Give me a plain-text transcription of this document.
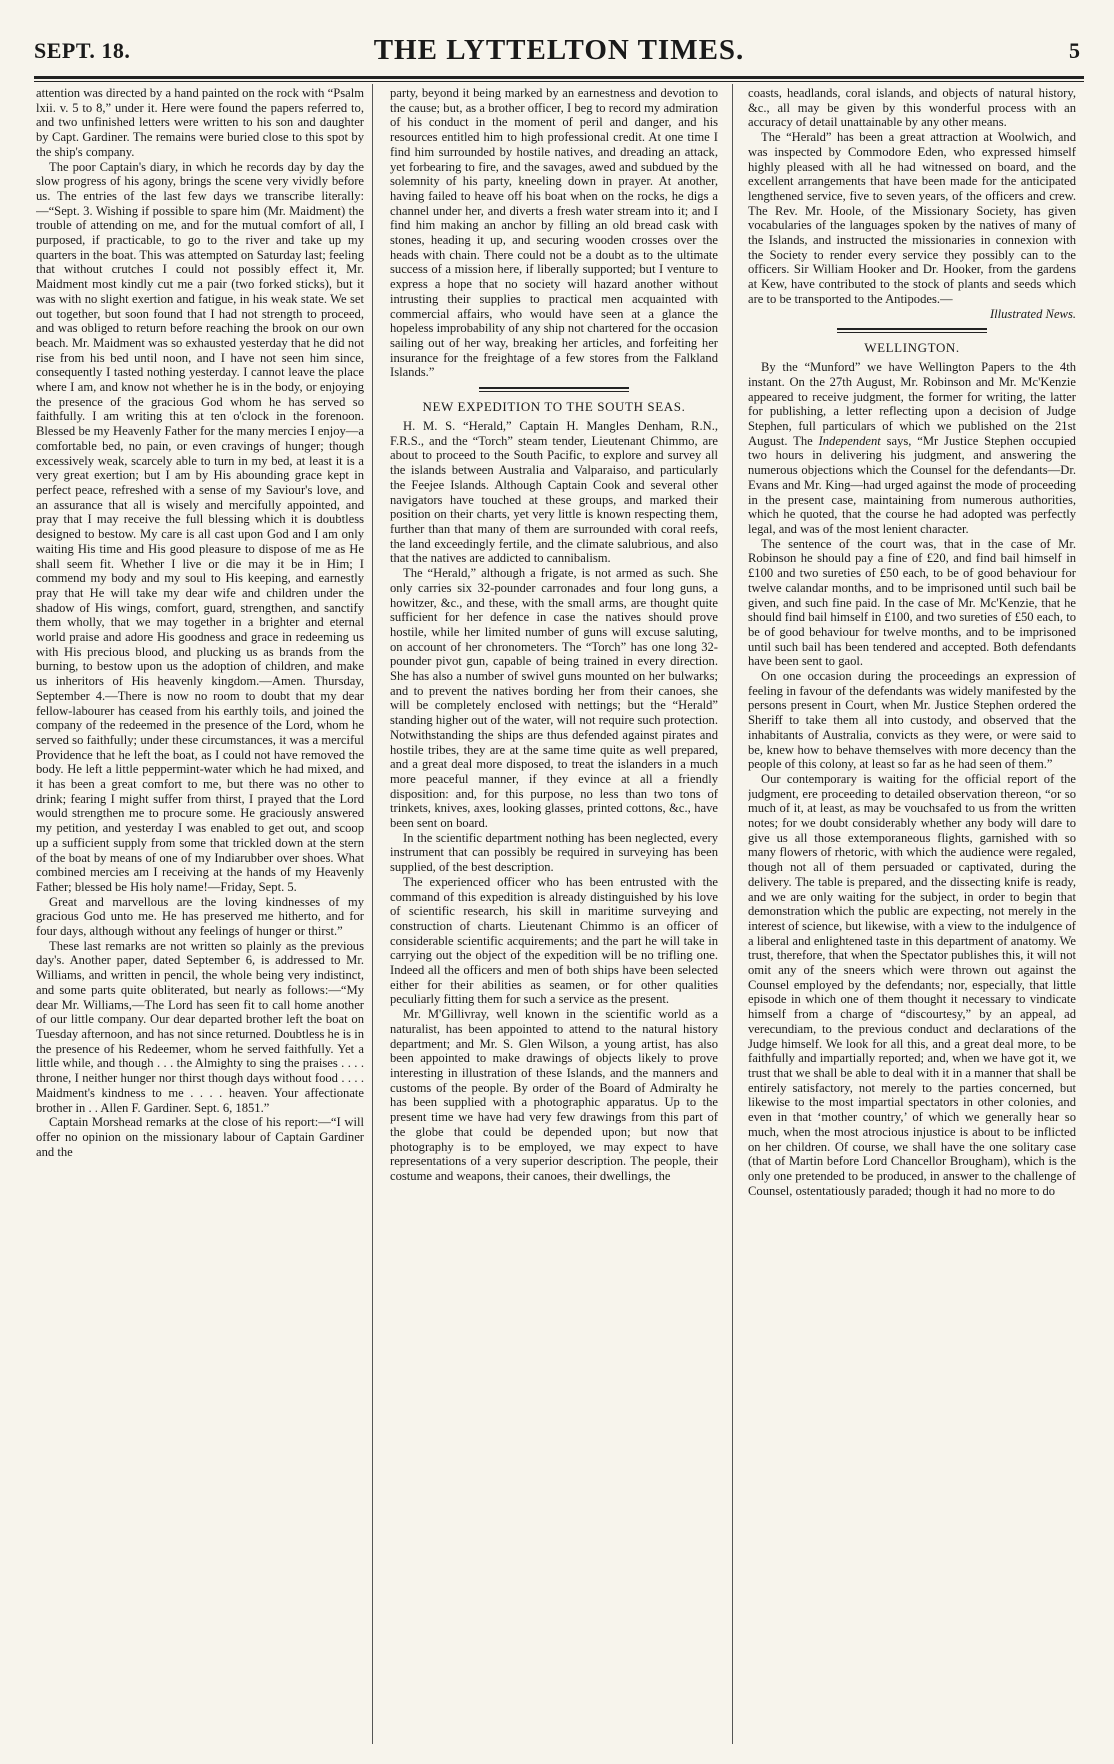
SEPT. 18.	THE LYTTELTON TIMES.	5

attention was directed by a hand painted on the rock with “Psalm lxii. v. 5 to 8,” under it. Here were found the papers referred to, and two unfinished letters were written to his son and daughter by Capt. Gardiner. The remains were buried close to this spot by the ship's company.

The poor Captain's diary, in which he records day by day the slow progress of his agony, brings the scene very vividly before us. The entries of the last few days we transcribe literally:—“Sept. 3. Wishing if possible to spare him (Mr. Maidment) the trouble of attending on me, and for the mutual comfort of all, I purposed, if practicable, to go to the river and take up my quarters in the boat. This was attempted on Saturday last; feeling that without crutches I could not possibly effect it, Mr. Maidment most kindly cut me a pair (two forked sticks), but it was with no slight exertion and fatigue, in his weak state. We set out together, but soon found that I had not strength to proceed, and was obliged to return before reaching the brook on our own beach. Mr. Maidment was so exhausted yesterday that he did not rise from his bed until noon, and I have not seen him since, consequently I tasted nothing yesterday. I cannot leave the place where I am, and know not whether he is in the body, or enjoying the presence of the gracious God whom he has served so faithfully. I am writing this at ten o'clock in the forenoon. Blessed be my Heavenly Father for the many mercies I enjoy—a comfortable bed, no pain, or even cravings of hunger; though excessively weak, scarcely able to turn in my bed, at least it is a very great exertion; but I am by His abounding grace kept in perfect peace, refreshed with a sense of my Saviour's love, and an assurance that all is wisely and mercifully appointed, and pray that I may receive the full blessing which it is doubtless designed to bestow. My care is all cast upon God and I am only waiting His time and His good pleasure to dispose of me as He shall seem fit. Whether I live or die may it be in Him; I commend my body and my soul to His keeping, and earnestly pray that He will take my dear wife and children under the shadow of His wings, comfort, guard, strengthen, and sanctify them wholly, that we may together in a brighter and eternal world praise and adore His goodness and grace in redeeming us with His precious blood, and plucking us as brands from the burning, to bestow upon us the adoption of children, and make us inheritors of His heavenly kingdom.—Amen. Thursday, September 4.—There is now no room to doubt that my dear fellow-labourer has ceased from his earthly toils, and joined the company of the redeemed in the presence of the Lord, whom he served so faithfully; under these circumstances, it was a merciful Providence that he left the boat, as I could not have removed the body. He left a little peppermint-water which he had mixed, and it has been a great comfort to me, but there was no other to drink; fearing I might suffer from thirst, I prayed that the Lord would strengthen me to procure some. He graciously answered my petition, and yesterday I was enabled to get out, and scoop up a sufficient supply from some that trickled down at the stern of the boat by means of one of my Indiarubber over shoes. What combined mercies am I receiving at the hands of my Heavenly Father; blessed be His holy name!—Friday, Sept. 5.

Great and marvellous are the loving kindnesses of my gracious God unto me. He has preserved me hitherto, and for four days, although without any feelings of hunger or thirst.”

These last remarks are not written so plainly as the previous day's. Another paper, dated September 6, is addressed to Mr. Williams, and written in pencil, the whole being very indistinct, and some parts quite obliterated, but nearly as follows:—“My dear Mr. Williams,—The Lord has seen fit to call home another of our little company. Our dear departed brother left the boat on Tuesday afternoon, and has not since returned. Doubtless he is in the presence of his Redeemer, whom he served faithfully. Yet a little while, and though . . . the Almighty to sing the praises . . . . throne, I neither hunger nor thirst though days without food . . . . Maidment's kindness to me . . . . heaven. Your affectionate brother in . . Allen F. Gardiner. Sept. 6, 1851.”

Captain Morshead remarks at the close of his report:—“I will offer no opinion on the missionary labour of Captain Gardiner and the

party, beyond it being marked by an earnestness and devotion to the cause; but, as a brother officer, I beg to record my admiration of his conduct in the moment of peril and danger, and his resources entitled him to high professional credit. At one time I find him surrounded by hostile natives, and dreading an attack, yet forbearing to fire, and the savages, awed and subdued by the solemnity of his party, kneeling down in prayer. At another, having failed to heave off his boat when on the rocks, he digs a channel under her, and diverts a fresh water stream into it; and I find him making an anchor by filling an old bread cask with stones, heading it up, and securing wooden crosses over the heads with chain. There could not be a doubt as to the ultimate success of a mission here, if liberally supported; but I venture to express a hope that no society will hazard another without intrusting their supplies to practical men acquainted with commercial affairs, who would have seen at a glance the hopeless improbability of any ship not chartered for the occasion sailing out of her way, breaking her articles, and forfeiting her insurance for the freightage of a few stores from the Falkland Islands.”

NEW EXPEDITION TO THE SOUTH SEAS.

H. M. S. “Herald,” Captain H. Mangles Denham, R.N., F.R.S., and the “Torch” steam tender, Lieutenant Chimmo, are about to proceed to the South Pacific, to explore and survey all the islands between Australia and Valparaiso, and particularly the Feejee Islands. Although Captain Cook and several other navigators have touched at these groups, and marked their position on their charts, yet very little is known respecting them, further than that many of them are surrounded with coral reefs, the land exceedingly fertile, and the climate salubrious, and also that the natives are addicted to cannibalism.

The “Herald,” although a frigate, is not armed as such. She only carries six 32-pounder carronades and four long guns, a howitzer, &c., and these, with the small arms, are thought quite sufficient for her defence in case the natives should prove hostile, while her limited number of guns will excuse saluting, on account of her chronometers. The “Torch” has one long 32-pounder pivot gun, capable of being trained in every direction. She has also a number of swivel guns mounted on her bulwarks; and to prevent the natives bording her from their canoes, she will be completely enclosed with nettings; but the “Herald” standing higher out of the water, will not require such protection. Notwithstanding the ships are thus defended against pirates and hostile tribes, they are at the same time quite as well prepared, and a great deal more disposed, to treat the islanders in a much more peaceful manner, if they evince at all a friendly disposition: and, for this purpose, no less than two tons of trinkets, knives, axes, looking glasses, printed cottons, &c., have been sent on board.

In the scientific department nothing has been neglected, every instrument that can possibly be required in surveying has been supplied, of the best description.

The experienced officer who has been entrusted with the command of this expedition is already distinguished by his love of scientific research, his skill in maritime surveying and construction of charts. Lieutenant Chimmo is an officer of considerable scientific acquirements; and the part he will take in carrying out the object of the expedition will be no trifling one. Indeed all the officers and men of both ships have been selected either for their abilities as seamen, or for other qualities peculiarly fitting them for such a service as the present.

Mr. M'Gillivray, well known in the scientific world as a naturalist, has been appointed to attend to the natural history department; and Mr. S. Glen Wilson, a young artist, has also been appointed to make drawings of objects likely to prove interesting in illustration of these Islands, and the manners and customs of the people. By order of the Board of Admiralty he has been supplied with a photographic apparatus. Up to the present time we have had very few drawings from this part of the globe that could be depended upon; but now that photography is to be employed, we may expect to have representations of a very superior description. The people, their costume and weapons, their canoes, their dwellings, the

coasts, headlands, coral islands, and objects of natural history, &c., all may be given by this wonderful process with an accuracy of detail unattainable by any other means.

The “Herald” has been a great attraction at Woolwich, and was inspected by Commodore Eden, who expressed himself highly pleased with all he had witnessed on board, and the excellent arrangements that have been made for the anticipated lengthened service, five to seven years, of the officers and crew. The Rev. Mr. Hoole, of the Missionary Society, has given vocabularies of the languages spoken by the natives of many of the Islands, and instructed the missionaries in connexion with the Society to render every service they possibly can to the officers. Sir William Hooker and Dr. Hooker, from the gardens at Kew, have contributed to the stock of plants and seeds which are to be transported to the Antipodes.—

Illustrated News.
WELLINGTON.

By the “Munford” we have Wellington Papers to the 4th instant. On the 27th August, Mr. Robinson and Mr. Mc'Kenzie appeared to receive judgment, the former for writing, the latter for publishing, a letter reflecting upon a decision of Judge Stephen, full particulars of which we published on the 21st August. The Independent says, “Mr Justice Stephen occupied two hours in delivering his judgment, and answering the numerous objections which the Counsel for the defendants—Dr. Evans and Mr. King—had urged against the mode of proceeding in the present case, maintaining from numerous authorities, which he quoted, that the course he had adopted was perfectly legal, and was of the most lenient character.

The sentence of the court was, that in the case of Mr. Robinson he should pay a fine of £20, and find bail himself in £100 and two sureties of £50 each, to be of good behaviour for twelve calandar months, and to be imprisoned until such bail be given, and such fine paid. In the case of Mr. Mc'Kenzie, that he should find bail himself in £100, and two sureties of £50 each, to be of good behaviour for twelve months, and to be imprisoned until such bail has been tendered and accepted. Both defendants have been sent to gaol.

On one occasion during the proceedings an expression of feeling in favour of the defendants was widely manifested by the persons present in Court, when Mr. Justice Stephen ordered the Sheriff to take them all into custody, and observed that the inhabitants of Australia, convicts as they were, or were said to be, knew how to behave themselves with more decency than the people of this colony, at least so far as he had seen of them.”

Our contemporary is waiting for the official report of the judgment, ere proceeding to detailed observation thereon, “or so much of it, at least, as may be vouchsafed to us from the written notes; for we doubt considerably whether any body will dare to give us all those extemporaneous flights, garnished with so many flowers of rhetoric, with which the audience were regaled, though not all of them persuaded or captivated, during the delivery. The table is prepared, and the dissecting knife is ready, and we are only waiting for the subject, in order to begin that demonstration which the public are expecting, not merely in the interest of science, but likewise, with a view to the indulgence of a liberal and enlightened taste in this department of anatomy. We trust, therefore, that when the Spectator publishes this, it will not omit any of the sneers which were thrown out against the Counsel employed by the defendants; nor, especially, that little episode in which one of them thought it necessary to vindicate himself from a charge of “discourtesy,” by an appeal, ad verecundiam, to the previous conduct and declarations of the Judge himself. We look for all this, and a great deal more, to be faithfully and impartially reported; and, when we have got it, we trust that we shall be able to deal with it in a manner that shall be entirely satisfactory, not merely to the parties concerned, but likewise to the most impartial spectators in other colonies, and even in that ‘mother country,’ of which we generally hear so much, when the most atrocious injustice is about to be inflicted on her children. Of course, we shall have the one solitary case (that of Martin before Lord Chancellor Brougham), which is the only one pretended to be produced, in answer to the challenge of Counsel, ostentatiously paraded; though it had no more to do
